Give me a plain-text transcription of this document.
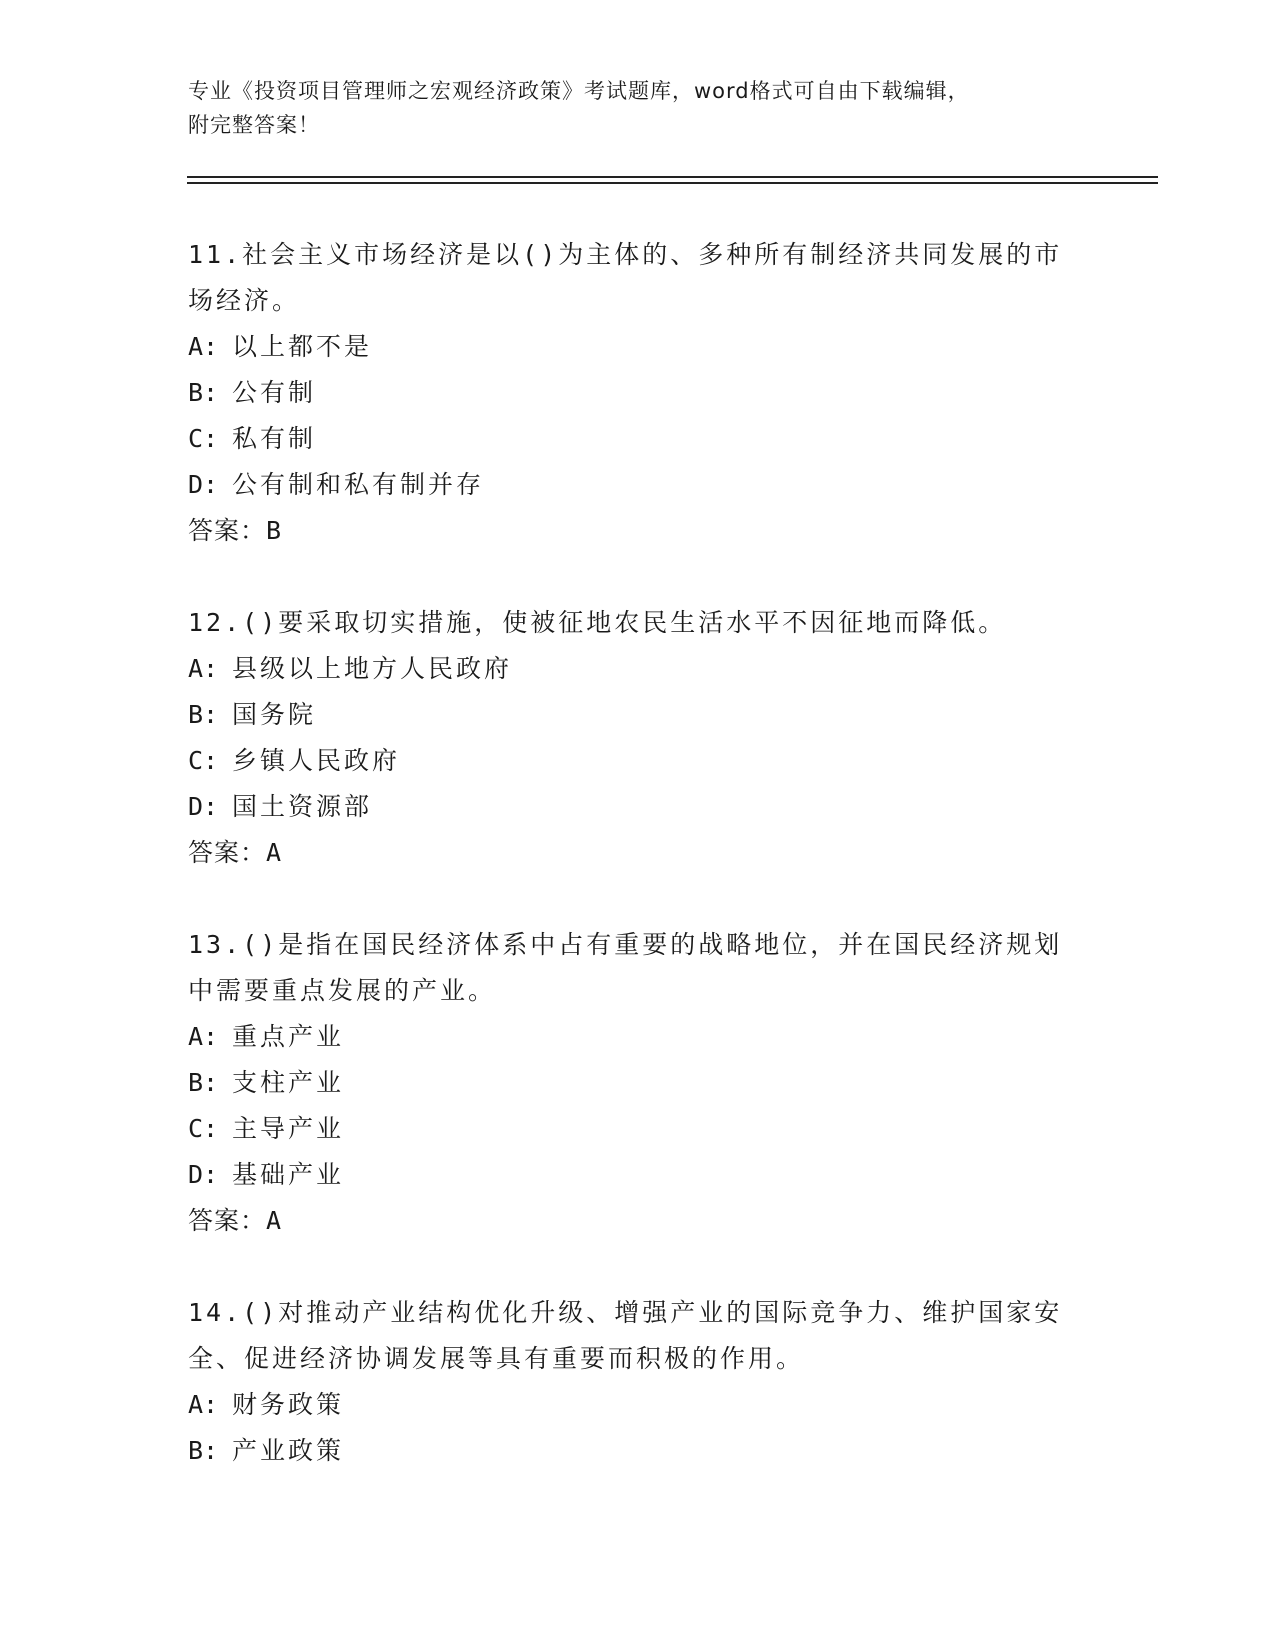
专业《投资项目管理师之宏观经济政策》考试题库，word格式可自由下载编辑，
附完整答案！

11.社会主义市场经济是以()为主体的、多种所有制经济共同发展的市场经济。

A: 以上都不是

B: 公有制

C: 私有制

D: 公有制和私有制并存

答案：B

12.()要采取切实措施，使被征地农民生活水平不因征地而降低。

A: 县级以上地方人民政府

B: 国务院

C: 乡镇人民政府

D: 国土资源部

答案：A

13.()是指在国民经济体系中占有重要的战略地位，并在国民经济规划中需要重点发展的产业。

A: 重点产业

B: 支柱产业

C: 主导产业

D: 基础产业

答案：A

14.()对推动产业结构优化升级、增强产业的国际竞争力、维护国家安全、促进经济协调发展等具有重要而积极的作用。

A: 财务政策

B: 产业政策
